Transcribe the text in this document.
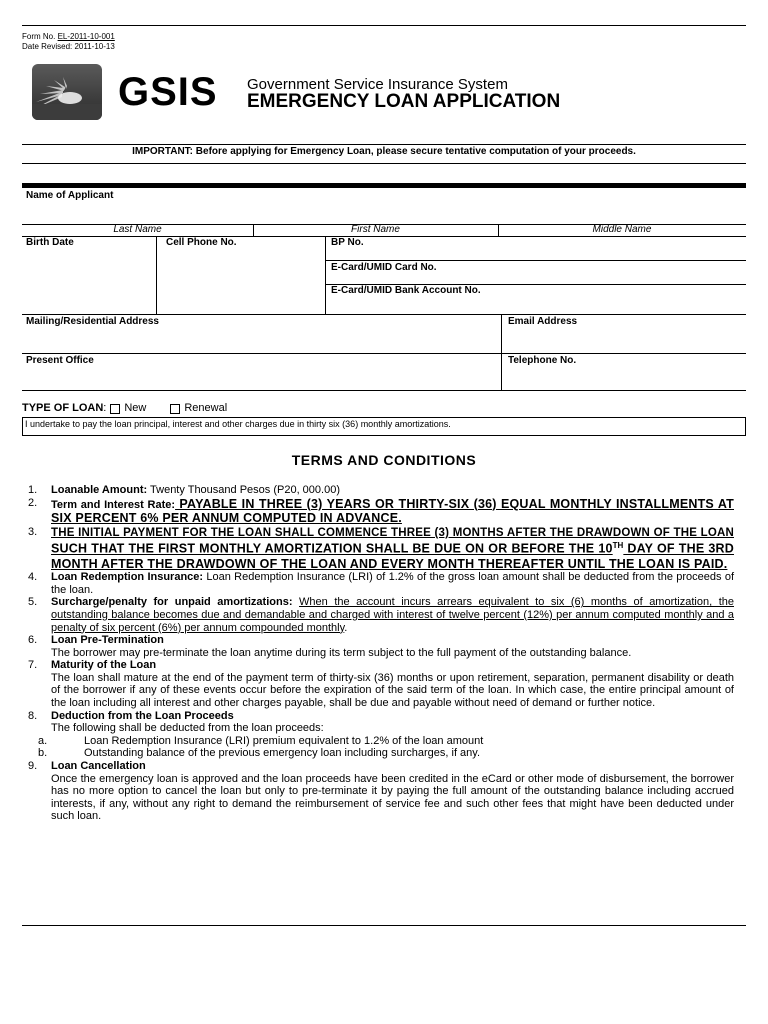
Form No. EL-2011-10-001
Date Revised: 2011-10-13
GSIS Government Service Insurance System
EMERGENCY LOAN APPLICATION
IMPORTANT: Before applying for Emergency Loan, please secure tentative computation of your proceeds.
Name of Applicant
Last Name	First Name	Middle Name
Birth Date	Cell Phone No.	BP No.
E-Card/UMID Card No.
E-Card/UMID Bank Account No.
Mailing/Residential Address	Email Address
Present Office	Telephone No.
TYPE OF LOAN : New	Renewal
I undertake to pay the loan principal, interest and other charges due in thirty six (36) monthly amortizations.
TERMS AND CONDITIONS
1. Loanable Amount: Twenty Thousand Pesos (P20, 000.00)
2. Term and Interest Rate: PAYABLE IN THREE (3) YEARS OR THIRTY-SIX (36) EQUAL MONTHLY INSTALLMENTS AT SIX PERCENT 6% PER ANNUM COMPUTED IN ADVANCE.
3. THE INITIAL PAYMENT FOR THE LOAN SHALL COMMENCE THREE (3) MONTHS AFTER THE DRAWDOWN OF THE LOAN SUCH THAT THE FIRST MONTHLY AMORTIZATION SHALL BE DUE ON OR BEFORE THE 10TH DAY OF THE 3RD MONTH AFTER THE DRAWDOWN OF THE LOAN AND EVERY MONTH THEREAFTER UNTIL THE LOAN IS PAID.
4. Loan Redemption Insurance: Loan Redemption Insurance (LRI) of 1.2% of the gross loan amount shall be deducted from the proceeds of the loan.
5. Surcharge/penalty for unpaid amortizations: When the account incurs arrears equivalent to six (6) months of amortization, the outstanding balance becomes due and demandable and charged with interest of twelve percent (12%) per annum computed monthly and a penalty of six percent (6%) per annum compounded monthly.
6. Loan Pre-Termination
The borrower may pre-terminate the loan anytime during its term subject to the full payment of the outstanding balance.
7. Maturity of the Loan
The loan shall mature at the end of the payment term of thirty-six (36) months or upon retirement, separation, permanent disability or death of the borrower if any of these events occur before the expiration of the said term of the loan. In which case, the entire principal amount of the loan including all interest and other charges payable, shall be due and payable without need of demand or further notice.
8. Deduction from the Loan Proceeds
The following shall be deducted from the loan proceeds:
a.	Loan Redemption Insurance (LRI) premium equivalent to 1.2% of the loan amount
b.	Outstanding balance of the previous emergency loan including surcharges, if any.
9. Loan Cancellation
Once the emergency loan is approved and the loan proceeds have been credited in the eCard or other mode of disbursement, the borrower has no more option to cancel the loan but only to pre-terminate it by paying the full amount of the outstanding balance including accrued interests, if any, without any right to demand the reimbursement of service fee and such other fees that might have been deducted under such loan.
